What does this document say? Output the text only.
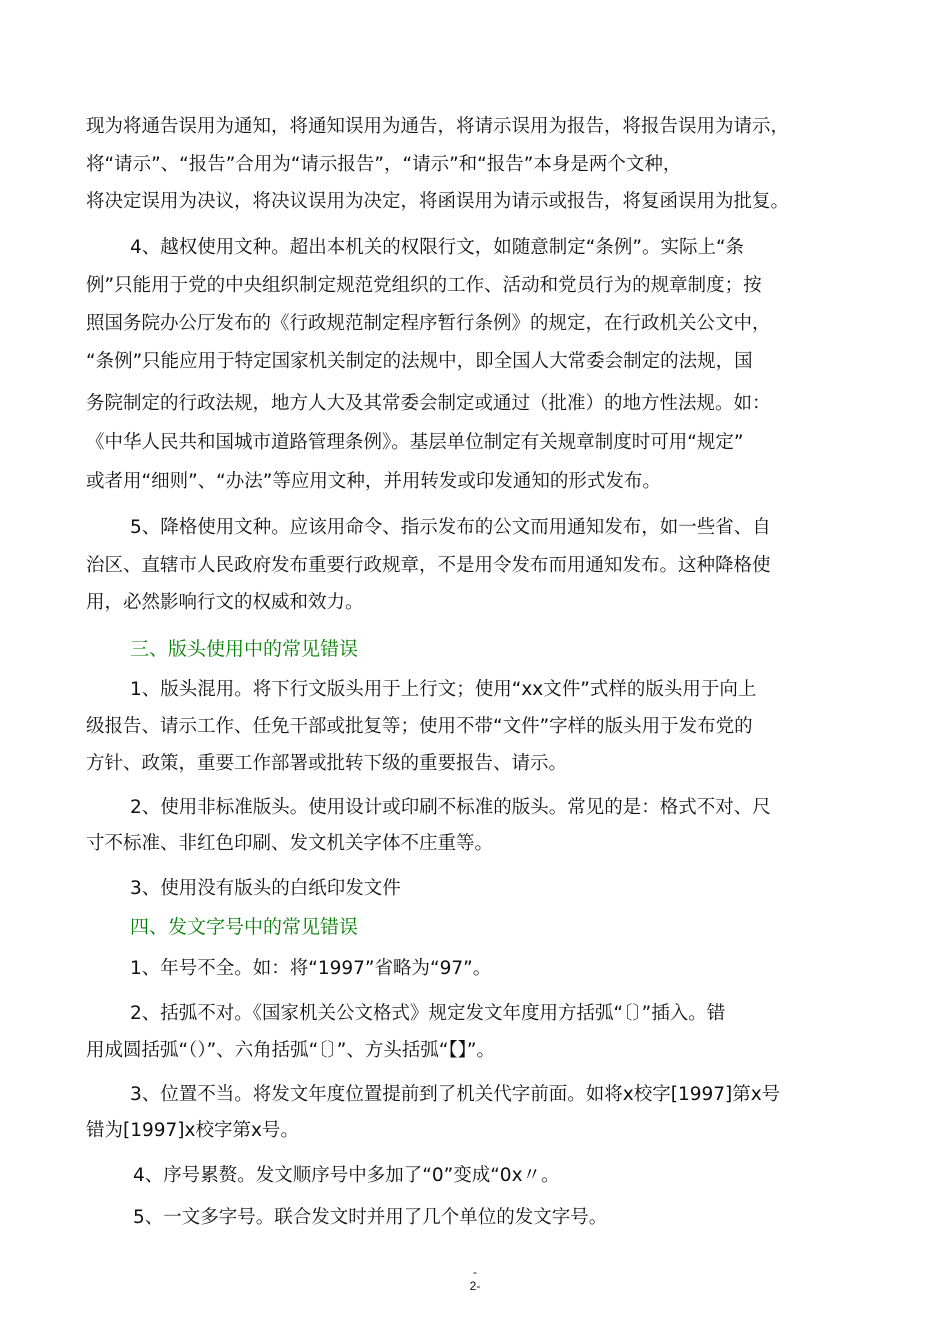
现为将通告误用为通知，将通知误用为通告，将请示误用为报告，将报告误用为请示，
将“请示”、“报告”合用为“请示报告”，“请示”和“报告”本身是两个文种，
将决定误用为决议，将决议误用为决定，将函误用为请示或报告，将复函误用为批复。
4、越权使用文种。超出本机关的权限行文，如随意制定“条例”。实际上“条
例”只能用于党的中央组织制定规范党组织的工作、活动和党员行为的规章制度；按
照国务院办公厅发布的《行政规范制定程序暂行条例》的规定，在行政机关公文中，
“条例”只能应用于特定国家机关制定的法规中，即全国人大常委会制定的法规，国
务院制定的行政法规，地方人大及其常委会制定或通过（批准）的地方性法规。如：
《中华人民共和国城市道路管理条例》。基层单位制定有关规章制度时可用“规定”
或者用“细则”、“办法”等应用文种，并用转发或印发通知的形式发布。
5、降格使用文种。应该用命令、指示发布的公文而用通知发布，如一些省、自
治区、直辖市人民政府发布重要行政规章，不是用令发布而用通知发布。这种降格使
用，必然影响行文的权威和效力。
三、版头使用中的常见错误
1、版头混用。将下行文版头用于上行文；使用“xx文件”式样的版头用于向上
级报告、请示工作、任免干部或批复等；使用不带“文件”字样的版头用于发布党的
方针、政策，重要工作部署或批转下级的重要报告、请示。
2、使用非标准版头。使用设计或印刷不标准的版头。常见的是：格式不对、尺
寸不标准、非红色印刷、发文机关字体不庄重等。
3、使用没有版头的白纸印发文件
四、发文字号中的常见错误
1、年号不全。如：将“1997”省略为“97”。
2、括弧不对。《国家机关公文格式》规定发文年度用方括弧“〔〕”插入。错
用成圆括弧“（）”、六角括弧“〔〕”、方头括弧“【】”。
3、位置不当。将发文年度位置提前到了机关代字前面。如将x校字[1997]第x号
错为[1997]x校字第x号。
4、序号累赘。发文顺序号中多加了“0”变成“0x〃。
5、一文多字号。联合发文时并用了几个单位的发文字号。
-
2-
